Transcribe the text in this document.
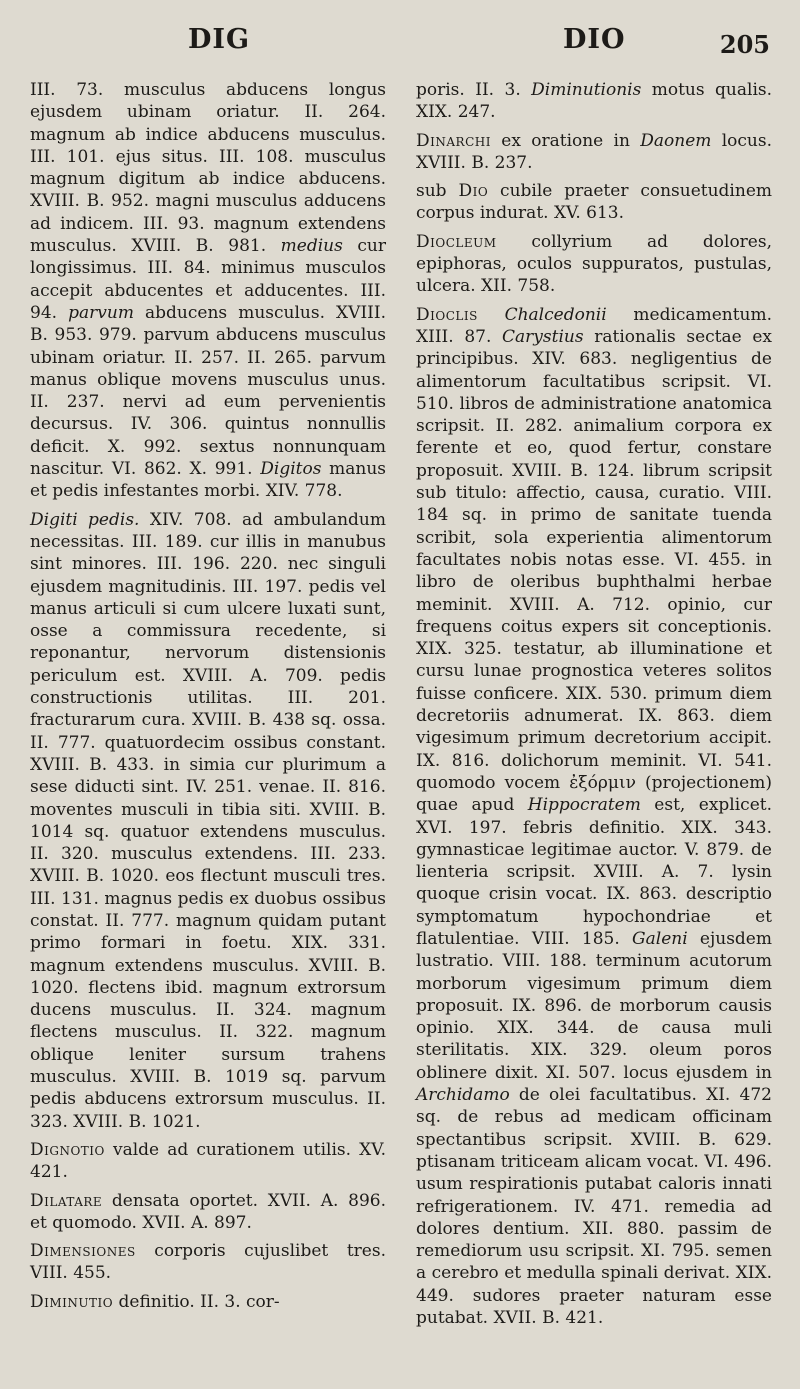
DIG	DIO	205

III. 73. musculus abducens longus ejusdem ubinam oriatur. II. 264. magnum ab indice abducens musculus. III. 101. ejus situs. III. 108. musculus magnum digitum ab indice abducens. XVIII. B. 952. magni musculus adducens ad indicem. III. 93. magnum extendens musculus. XVIII. B. 981. medius cur longissimus. III. 84. minimus musculos accepit abducentes et adducentes. III. 94. parvum abducens musculus. XVIII. B. 953. 979. parvum abducens musculus ubinam oriatur. II. 257. II. 265. parvum manus oblique movens musculus unus. II. 237. nervi ad eum pervenientis decursus. IV. 306. quintus nonnullis deficit. X. 992. sextus nonnunquam nascitur. VI. 862. X. 991. Digitos manus et pedis infestantes morbi. XIV. 778.

Digiti pedis. XIV. 708. ad ambulandum necessitas. III. 189. cur illis in manubus sint minores. III. 196. 220. nec singuli ejusdem magnitudinis. III. 197. pedis vel manus articuli si cum ulcere luxati sunt, osse a commissura recedente, si reponantur, nervorum distensionis periculum est. XVIII. A. 709. pedis constructionis utilitas. III. 201. fracturarum cura. XVIII. B. 438 sq. ossa. II. 777. quatuordecim ossibus constant. XVIII. B. 433. in simia cur plurimum a sese diducti sint. IV. 251. venae. II. 816. moventes musculi in tibia siti. XVIII. B. 1014 sq. quatuor extendens musculus. II. 320. musculus extendens. III. 233. XVIII. B. 1020. eos flectunt musculi tres. III. 131. magnus pedis ex duobus ossibus constat. II. 777. magnum quidam putant primo formari in foetu. XIX. 331. magnum extendens musculus. XVIII. B. 1020. flectens ibid. magnum extrorsum ducens musculus. II. 324. magnum flectens musculus. II. 322. magnum oblique leniter sursum trahens musculus. XVIII. B. 1019 sq. parvum pedis abducens extrorsum musculus. II. 323. XVIII. B. 1021.

Dignotio valde ad curationem utilis. XV. 421.

Dilatare densata oportet. XVII. A. 896. et quomodo. XVII. A. 897.

Dimensiones corporis cujuslibet tres. VIII. 455.

Diminutio definitio. II. 3. cor-

poris. II. 3. Diminutionis motus qualis. XIX. 247.

Dinarchi ex oratione in Daonem locus. XVIII. B. 237.

sub Dio cubile praeter consuetudinem corpus indurat. XV. 613.

Diocleum collyrium ad dolores, epiphoras, oculos suppuratos, pustulas, ulcera. XII. 758.

Dioclis Chalcedonii medicamentum. XIII. 87. Carystius rationalis sectae ex principibus. XIV. 683. negligentius de alimentorum facultatibus scripsit. VI. 510. libros de administratione anatomica scripsit. II. 282. animalium corpora ex ferente et eo, quod fertur, constare proposuit. XVIII. B. 124. librum scripsit sub titulo: affectio, causa, curatio. VIII. 184 sq. in primo de sanitate tuenda scribit, sola experientia alimentorum facultates nobis notas esse. VI. 455. in libro de oleribus buphthalmi herbae meminit. XVIII. A. 712. opinio, cur frequens coitus expers sit conceptionis. XIX. 325. testatur, ab illuminatione et cursu lunae prognostica veteres solitos fuisse conficere. XIX. 530. primum diem decretoriis adnumerat. IX. 863. diem vigesimum primum decretorium accipit. IX. 816. dolichorum meminit. VI. 541. quomodo vocem ἐξόρμιν (projectionem) quae apud Hippocratem est, explicet. XVI. 197. febris definitio. XIX. 343. gymnasticae legitimae auctor. V. 879. de lienteria scripsit. XVIII. A. 7. lysin quoque crisin vocat. IX. 863. descriptio symptomatum hypochondriae et flatulentiae. VIII. 185. Galeni ejusdem lustratio. VIII. 188. terminum acutorum morborum vigesimum primum diem proposuit. IX. 896. de morborum causis opinio. XIX. 344. de causa muli sterilitatis. XIX. 329. oleum poros oblinere dixit. XI. 507. locus ejusdem in Archidamo de olei facultatibus. XI. 472 sq. de rebus ad medicam officinam spectantibus scripsit. XVIII. B. 629. ptisanam triticeam alicam vocat. VI. 496. usum respirationis putabat caloris innati refrigerationem. IV. 471. remedia ad dolores dentium. XII. 880. passim de remediorum usu scripsit. XI. 795. semen a cerebro et medulla spinali derivat. XIX. 449. sudores praeter naturam esse putabat. XVII. B. 421.
